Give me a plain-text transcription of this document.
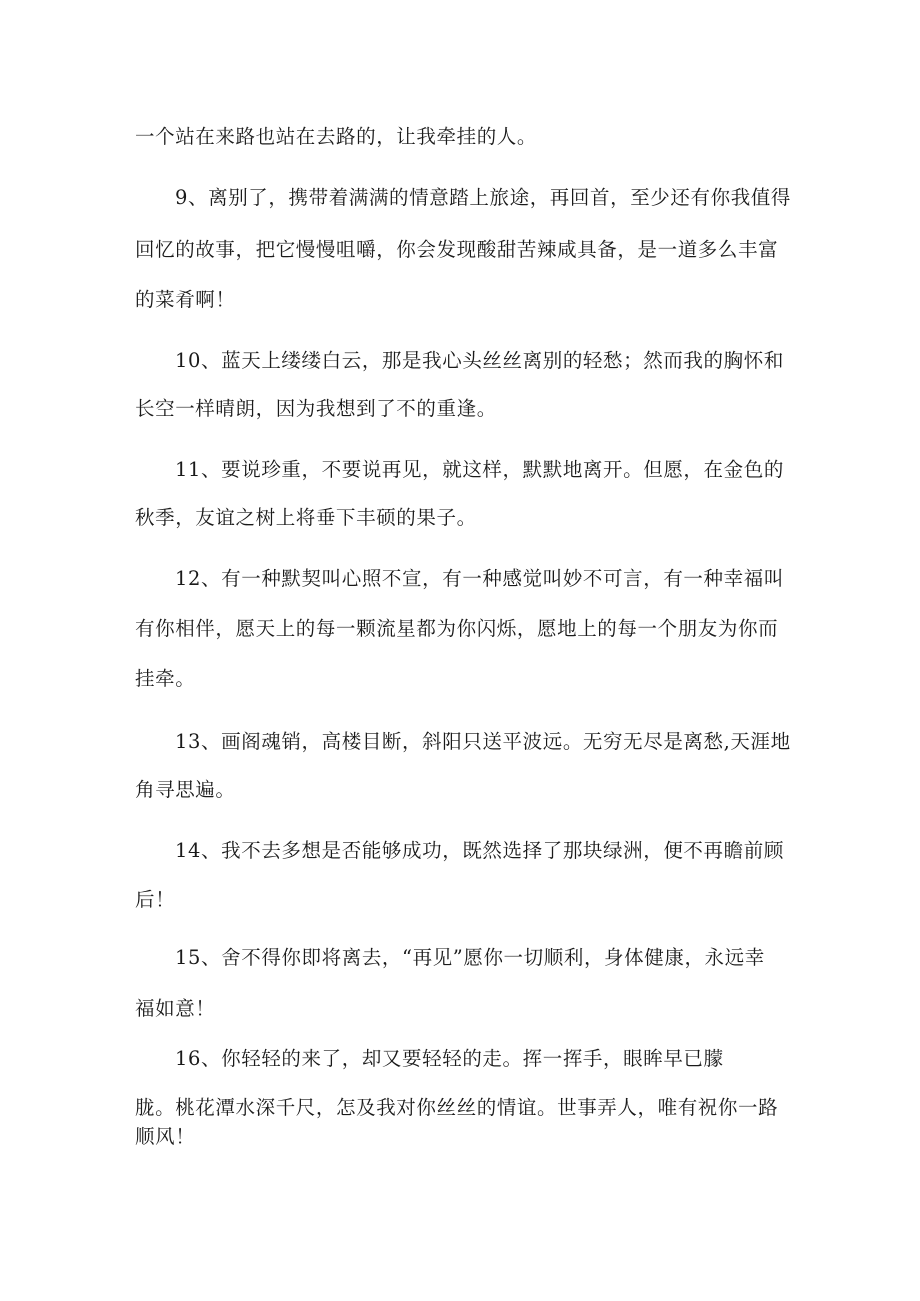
一个站在来路也站在去路的，让我牵挂的人。
9、离别了，携带着满满的情意踏上旅途，再回首，至少还有你我值得
回忆的故事，把它慢慢咀嚼，你会发现酸甜苦辣咸具备，是一道多么丰富
的菜肴啊！
10、蓝天上缕缕白云，那是我心头丝丝离别的轻愁；然而我的胸怀和
长空一样晴朗，因为我想到了不的重逢。
11、要说珍重，不要说再见，就这样，默默地离开。但愿，在金色的
秋季，友谊之树上将垂下丰硕的果子。
12、有一种默契叫心照不宣，有一种感觉叫妙不可言，有一种幸福叫
有你相伴，愿天上的每一颗流星都为你闪烁，愿地上的每一个朋友为你而
挂牵。
13、画阁魂销，高楼目断，斜阳只送平波远。无穷无尽是离愁,天涯地
角寻思遍。
14、我不去多想是否能够成功，既然选择了那块绿洲，便不再瞻前顾
后！
15、舍不得你即将离去，“再见”愿你一切顺利，身体健康，永远幸
福如意！
16、你轻轻的来了，却又要轻轻的走。挥一挥手，眼眸早已朦
胧。桃花潭水深千尺，怎及我对你丝丝的情谊。世事弄人，唯有祝你一路
顺风！
